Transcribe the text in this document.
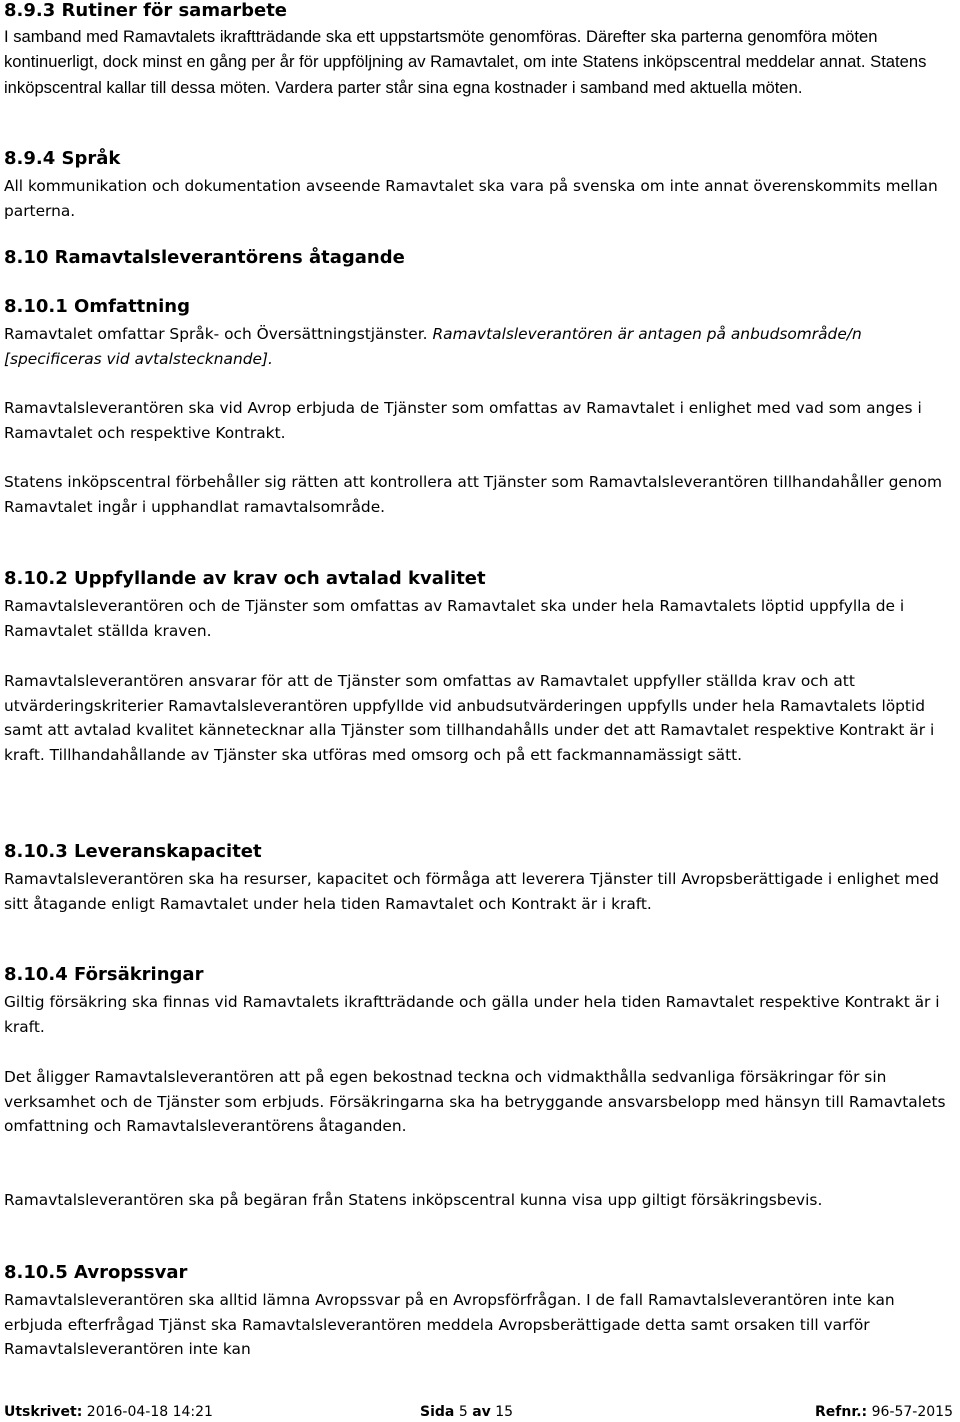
8.9.3 Rutiner för samarbete

I samband med Ramavtalets ikraftträdande ska ett uppstartsmöte genomföras. Därefter ska parterna genomföra möten kontinuerligt, dock minst en gång per år för uppföljning av Ramavtalet, om inte Statens inköpscentral meddelar annat. Statens inköpscentral kallar till dessa möten. Vardera parter står sina egna kostnader i samband med aktuella möten.

8.9.4 Språk

All kommunikation och dokumentation avseende Ramavtalet ska vara på svenska om inte annat överenskommits mellan parterna.

8.10 Ramavtalsleverantörens åtagande
8.10.1 Omfattning

Ramavtalet omfattar Språk- och Översättningstjänster. Ramavtalsleverantören är antagen på anbudsområde/n [specificeras vid avtalstecknande].

Ramavtalsleverantören ska vid Avrop erbjuda de Tjänster som omfattas av Ramavtalet i enlighet med vad som anges i Ramavtalet och respektive Kontrakt.

Statens inköpscentral förbehåller sig rätten att kontrollera att Tjänster som Ramavtalsleverantören tillhandahåller genom Ramavtalet ingår i upphandlat ramavtalsområde.

8.10.2 Uppfyllande av krav och avtalad kvalitet

Ramavtalsleverantören och de Tjänster som omfattas av Ramavtalet ska under hela Ramavtalets löptid uppfylla de i Ramavtalet ställda kraven.

Ramavtalsleverantören ansvarar för att de Tjänster som omfattas av Ramavtalet uppfyller ställda krav och att utvärderingskriterier Ramavtalsleverantören uppfyllde vid anbudsutvärderingen uppfylls under hela Ramavtalets löptid samt att avtalad kvalitet kännetecknar alla Tjänster som tillhandahålls under det att Ramavtalet respektive Kontrakt är i kraft. Tillhandahållande av Tjänster ska utföras med omsorg och på ett fackmannamässigt sätt.

8.10.3 Leveranskapacitet

Ramavtalsleverantören ska ha resurser, kapacitet och förmåga att leverera Tjänster till Avropsberättigade i enlighet med sitt åtagande enligt Ramavtalet under hela tiden Ramavtalet och Kontrakt är i kraft.

8.10.4 Försäkringar

Giltig försäkring ska finnas vid Ramavtalets ikraftträdande och gälla under hela tiden Ramavtalet respektive Kontrakt är i kraft.

Det åligger Ramavtalsleverantören att på egen bekostnad teckna och vidmakthålla sedvanliga försäkringar för sin verksamhet och de Tjänster som erbjuds. Försäkringarna ska ha betryggande ansvarsbelopp med hänsyn till Ramavtalets omfattning och Ramavtalsleverantörens åtaganden.

Ramavtalsleverantören ska på begäran från Statens inköpscentral kunna visa upp giltigt försäkringsbevis.

8.10.5 Avropssvar

Ramavtalsleverantören ska alltid lämna Avropssvar på en Avropsförfrågan. I de fall Ramavtalsleverantören inte kan erbjuda efterfrågad Tjänst ska Ramavtalsleverantören meddela Avropsberättigade detta samt orsaken till varför Ramavtalsleverantören inte kan

Utskrivet: 2016-04-18 14:21	Sida 5 av 15	Refnr.: 96-57-2015
